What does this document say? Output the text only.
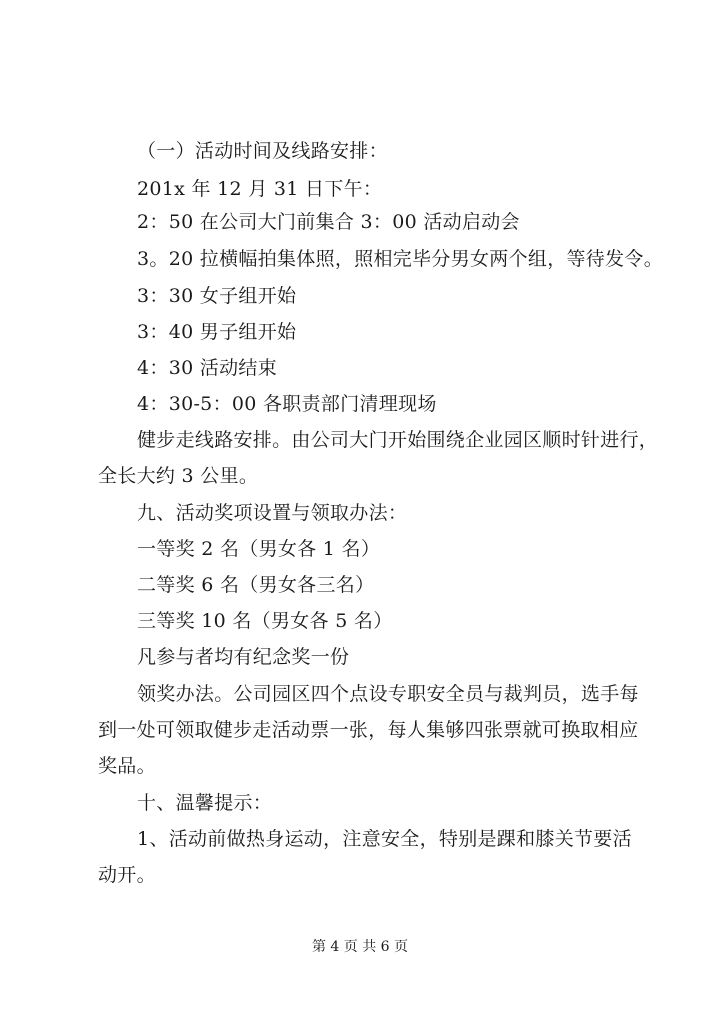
（一）活动时间及线路安排：
201x 年 12 月 31 日下午：
2：50 在公司大门前集合 3：00 活动启动会
3。20 拉横幅拍集体照，照相完毕分男女两个组，等待发令。
3：30 女子组开始
3：40 男子组开始
4：30 活动结束
4：30-5：00 各职责部门清理现场
健步走线路安排。由公司大门开始围绕企业园区顺时针进行，
全长大约 3 公里。
九、活动奖项设置与领取办法：
一等奖 2 名（男女各 1 名）
二等奖 6 名（男女各三名）
三等奖 10 名（男女各 5 名）
凡参与者均有纪念奖一份
领奖办法。公司园区四个点设专职安全员与裁判员，选手每
到一处可领取健步走活动票一张，每人集够四张票就可换取相应
奖品。
十、温馨提示：
1、活动前做热身运动，注意安全，特别是踝和膝关节要活
动开。
第 4 页 共 6 页
